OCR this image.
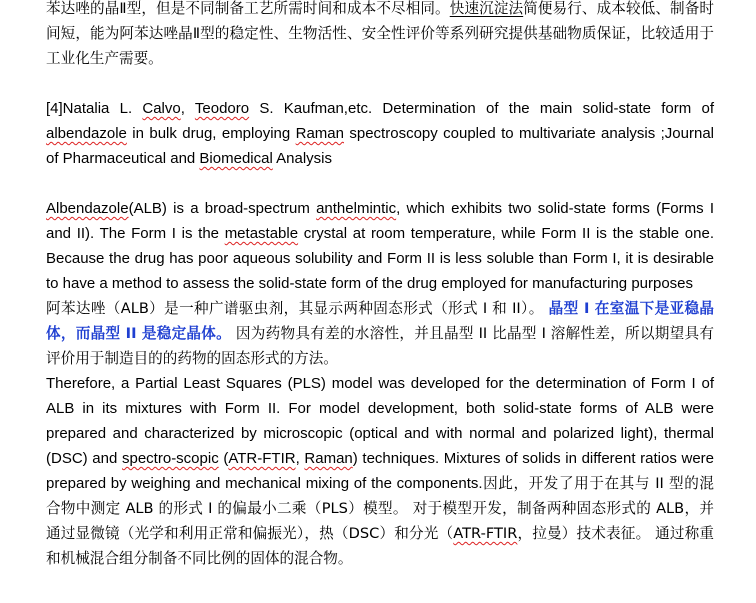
苯达唑的晶Ⅱ型，但是不同制备工艺所需时间和成本不尽相同。快速沉淀法简便易行、成本较低、制备时间短，能为阿苯达唑晶Ⅱ型的稳定性、生物活性、安全性评价等系列研究提供基础物质保证，比较适用于工业化生产需要。

[4]Natalia L. Calvo, Teodoro S. Kaufman,etc. Determination of the main solid-state form of albendazole in bulk drug, employing Raman spectroscopy coupled to multivariate analysis ;Journal of Pharmaceutical and Biomedical Analysis

Albendazole(ALB) is a broad-spectrum anthelmintic, which exhibits two solid-state forms (Forms I and II). The Form I is the metastable crystal at room temperature, while Form II is the stable one. Because the drug has poor aqueous solubility and Form II is less soluble than Form I, it is desirable to have a method to assess the solid-state form of the drug employed for manufacturing purposes

阿苯达唑（ALB）是一种广谱驱虫剂，其显示两种固态形式（形式 I 和 II）。 晶型 I 在室温下是亚稳晶体，而晶型 II 是稳定晶体。 因为药物具有差的水溶性，并且晶型 II 比晶型 I 溶解性差，所以期望具有评价用于制造目的的药物的固态形式的方法。

Therefore, a Partial Least Squares (PLS) model was developed for the determination of Form I of ALB in its mixtures with Form II. For model development, both solid-state forms of ALB were prepared and characterized by microscopic (optical and with normal and polarized light), thermal (DSC) and spectro-scopic (ATR-FTIR, Raman) techniques. Mixtures of solids in different ratios were prepared by weighing and mechanical mixing of the components.因此，开发了用于在其与 II 型的混合物中测定 ALB 的形式 I 的偏最小二乘（PLS）模型。 对于模型开发，制备两种固态形式的 ALB，并通过显微镜（光学和利用正常和偏振光），热（DSC）和分光（ATR-FTIR，拉曼）技术表征。 通过称重和机械混合组分制备不同比例的固体的混合物。
